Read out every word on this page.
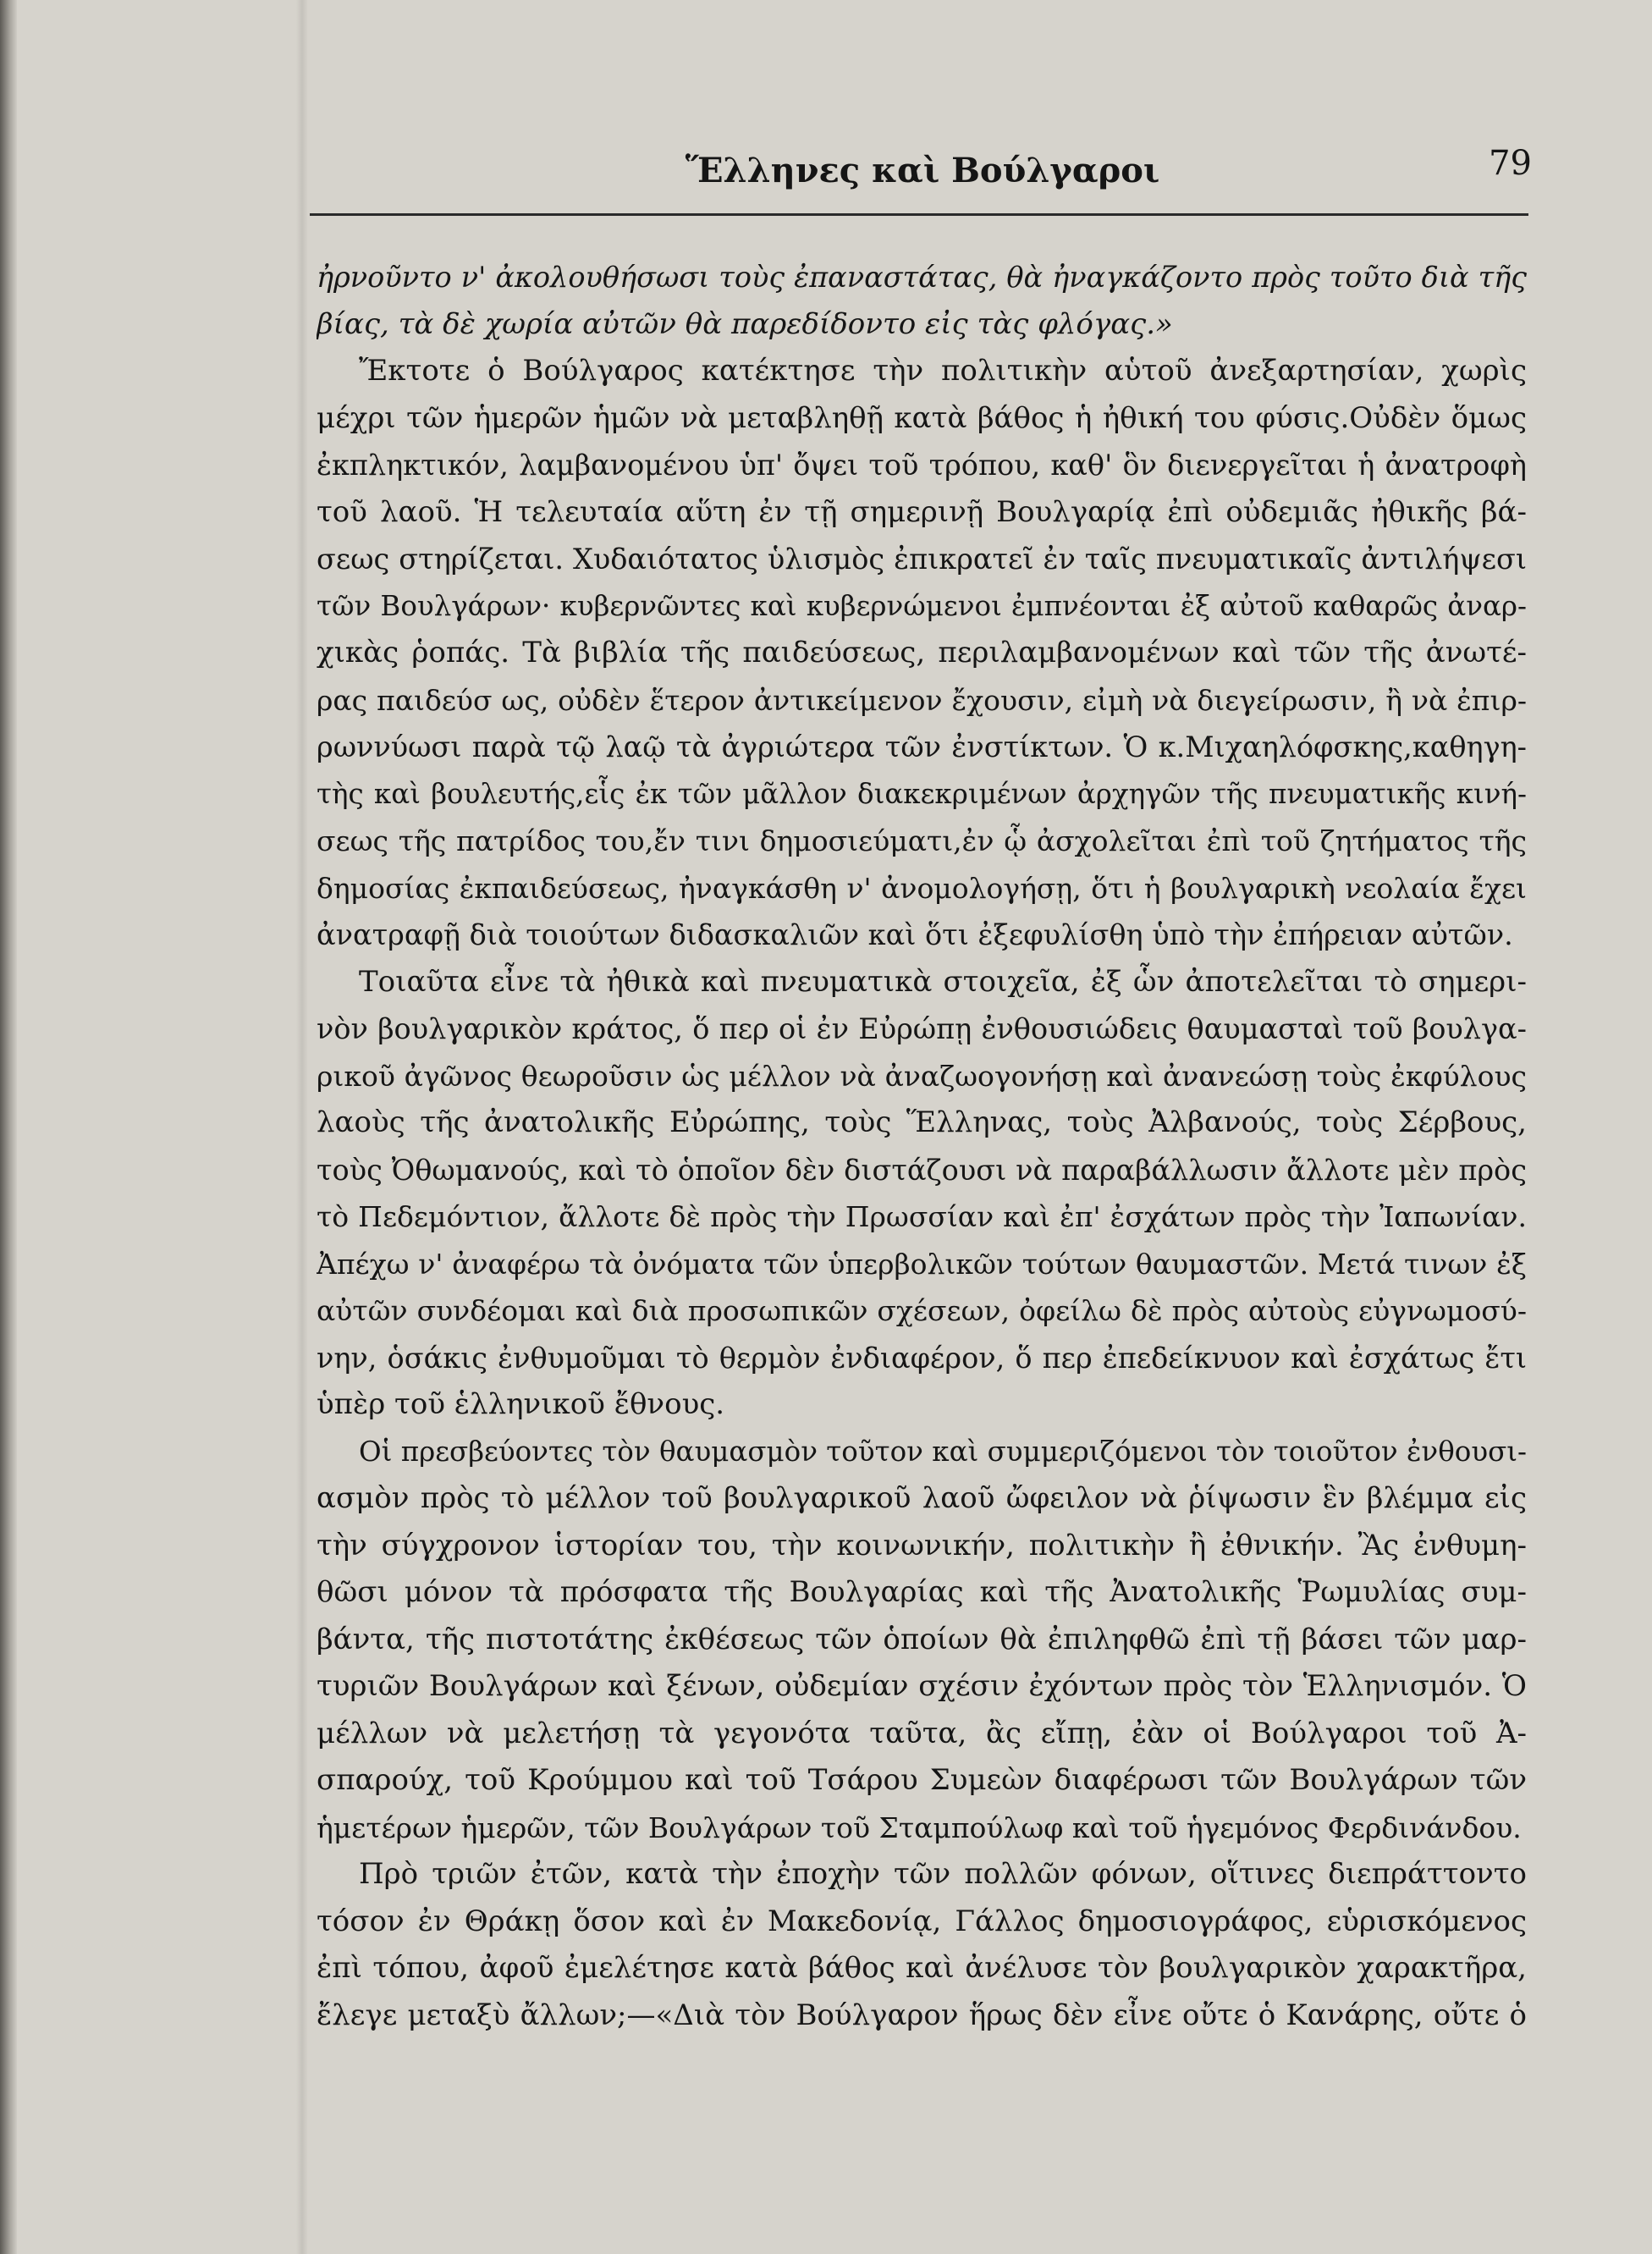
Ἕλληνες καὶ Βούλγαροι	79
ἠρνοῦντο ν' ἀκολουθήσωσι τοὺς ἐπαναστάτας, θὰ ἠναγκάζοντο πρὸς τοῦτο διὰ τῆς
βίας, τὰ δὲ χωρία αὐτῶν θὰ παρεδίδοντο εἰς τὰς φλόγας.»
Ἔκτοτε ὁ Βούλγαρος κατέκτησε τὴν πολιτικὴν αὑτοῦ ἀνεξαρτησίαν, χωρὶς
μέχρι τῶν ἡμερῶν ἡμῶν νὰ μεταβληθῇ κατὰ βάθος ἡ ἠθική του φύσις.Οὐδὲν ὅμως
ἐκπληκτικόν, λαμβανομένου ὑπ' ὄψει τοῦ τρόπου, καθ' ὃν διενεργεῖται ἡ ἀνατροφὴ
τοῦ λαοῦ. Ἡ τελευταία αὕτη ἐν τῇ σημερινῇ Βουλγαρίᾳ ἐπὶ οὐδεμιᾶς ἠθικῆς βά-
σεως στηρίζεται. Χυδαιότατος ὑλισμὸς ἐπικρατεῖ ἐν ταῖς πνευματικαῖς ἀντιλήψεσι
τῶν Βουλγάρων· κυβερνῶντες καὶ κυβερνώμενοι ἐμπνέονται ἐξ αὐτοῦ καθαρῶς ἀναρ-
χικὰς ῥοπάς. Τὰ βιβλία τῆς παιδεύσεως, περιλαμβανομένων καὶ τῶν τῆς ἀνωτέ-
ρας παιδεύσ ως, οὐδὲν ἕτερον ἀντικείμενον ἔχουσιν, εἰμὴ νὰ διεγείρωσιν, ἢ νὰ ἐπιρ-
ρωννύωσι παρὰ τῷ λαῷ τὰ ἀγριώτερα τῶν ἐνστίκτων. Ὁ κ.Μιχαηλόφσκης,καθηγη-
τὴς καὶ βουλευτής,εἷς ἐκ τῶν μᾶλλον διακεκριμένων ἀρχηγῶν τῆς πνευματικῆς κινή-
σεως τῆς πατρίδος του,ἔν τινι δημοσιεύματι,ἐν ᾧ ἀσχολεῖται ἐπὶ τοῦ ζητήματος τῆς
δημοσίας ἐκπαιδεύσεως, ἠναγκάσθη ν' ἀνομολογήσῃ, ὅτι ἡ βουλγαρικὴ νεολαία ἔχει
ἀνατραφῇ διὰ τοιούτων διδασκαλιῶν καὶ ὅτι ἐξεφυλίσθη ὑπὸ τὴν ἐπήρειαν αὐτῶν.
Τοιαῦτα εἶνε τὰ ἠθικὰ καὶ πνευματικὰ στοιχεῖα, ἐξ ὧν ἀποτελεῖται τὸ σημερι-
νὸν βουλγαρικὸν κράτος, ὅ περ οἱ ἐν Εὐρώπῃ ἐνθουσιώδεις θαυμασταὶ τοῦ βουλγα-
ρικοῦ ἀγῶνος θεωροῦσιν ὡς μέλλον νὰ ἀναζωογονήσῃ καὶ ἀνανεώσῃ τοὺς ἐκφύλους
λαοὺς τῆς ἀνατολικῆς Εὐρώπης, τοὺς Ἕλληνας, τοὺς Ἀλβανούς, τοὺς Σέρβους,
τοὺς Ὀθωμανούς, καὶ τὸ ὁποῖον δὲν διστάζουσι νὰ παραβάλλωσιν ἄλλοτε μὲν πρὸς
τὸ Πεδεμόντιον, ἄλλοτε δὲ πρὸς τὴν Πρωσσίαν καὶ ἐπ' ἐσχάτων πρὸς τὴν Ἰαπωνίαν.
Ἀπέχω ν' ἀναφέρω τὰ ὀνόματα τῶν ὑπερβολικῶν τούτων θαυμαστῶν. Μετά τινων ἐξ
αὐτῶν συνδέομαι καὶ διὰ προσωπικῶν σχέσεων, ὀφείλω δὲ πρὸς αὐτοὺς εὐγνωμοσύ-
νην, ὁσάκις ἐνθυμοῦμαι τὸ θερμὸν ἐνδιαφέρον, ὅ περ ἐπεδείκνυον καὶ ἐσχάτως ἔτι
ὑπὲρ τοῦ ἑλληνικοῦ ἔθνους.
Οἱ πρεσβεύοντες τὸν θαυμασμὸν τοῦτον καὶ συμμεριζόμενοι τὸν τοιοῦτον ἐνθουσι-
ασμὸν πρὸς τὸ μέλλον τοῦ βουλγαρικοῦ λαοῦ ὤφειλον νὰ ῥίψωσιν ἓν βλέμμα εἰς
τὴν σύγχρονον ἱστορίαν του, τὴν κοινωνικήν, πολιτικὴν ἢ ἐθνικήν. Ἂς ἐνθυμη-
θῶσι μόνον τὰ πρόσφατα τῆς Βουλγαρίας καὶ τῆς Ἀνατολικῆς Ῥωμυλίας συμ-
βάντα, τῆς πιστοτάτης ἐκθέσεως τῶν ὁποίων θὰ ἐπιληφθῶ ἐπὶ τῇ βάσει τῶν μαρ-
τυριῶν Βουλγάρων καὶ ξένων, οὐδεμίαν σχέσιν ἐχόντων πρὸς τὸν Ἑλληνισμόν. Ὁ
μέλλων νὰ μελετήσῃ τὰ γεγονότα ταῦτα, ἂς εἴπῃ, ἐὰν οἱ Βούλγαροι τοῦ Ἀ-
σπαρούχ, τοῦ Κρούμμου καὶ τοῦ Τσάρου Συμεὼν διαφέρωσι τῶν Βουλγάρων τῶν
ἡμετέρων ἡμερῶν, τῶν Βουλγάρων τοῦ Σταμπούλωφ καὶ τοῦ ἡγεμόνος Φερδινάνδου.
Πρὸ τριῶν ἐτῶν, κατὰ τὴν ἐποχὴν τῶν πολλῶν φόνων, οἵτινες διεπράττοντο
τόσον ἐν Θράκῃ ὅσον καὶ ἐν Μακεδονίᾳ, Γάλλος δημοσιογράφος, εὑρισκόμενος
ἐπὶ τόπου, ἀφοῦ ἐμελέτησε κατὰ βάθος καὶ ἀνέλυσε τὸν βουλγαρικὸν χαρακτῆρα,
ἔλεγε μεταξὺ ἄλλων;—«Διὰ τὸν Βούλγαρον ἥρως δὲν εἶνε οὔτε ὁ Κανάρης, οὔτε ὁ
